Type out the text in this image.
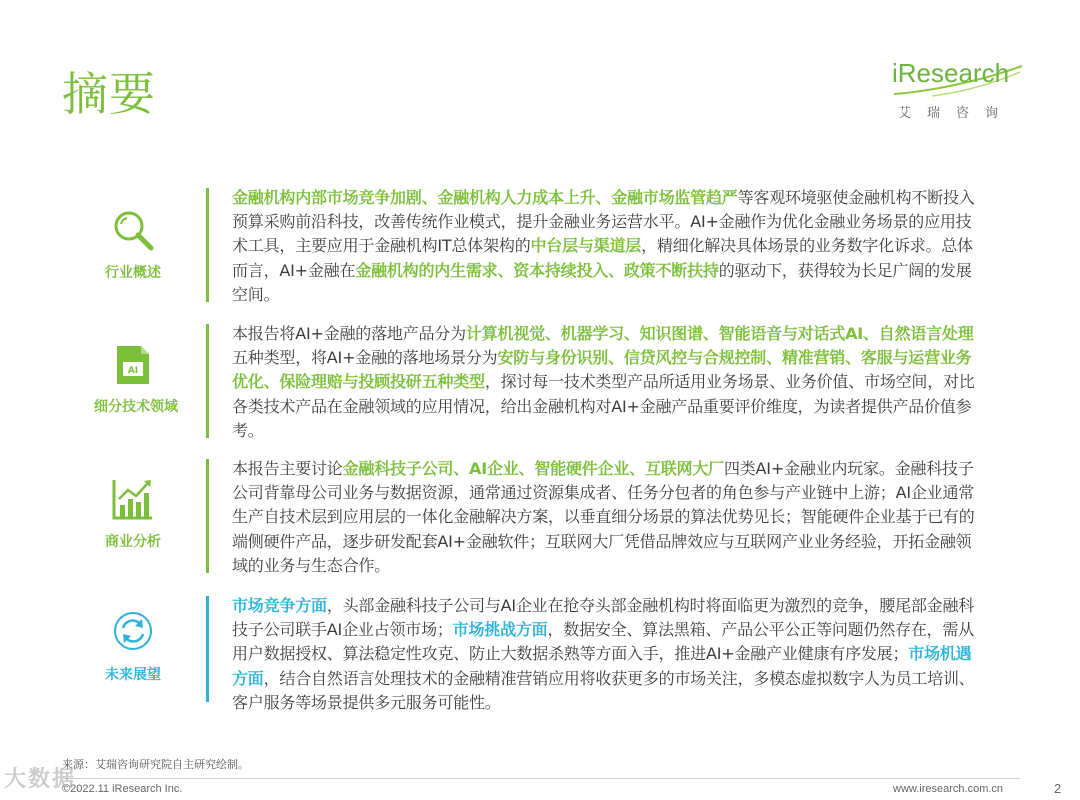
摘要	iResearch
艾瑞咨询
行业概述
金融机构内部市场竞争加剧、金融机构人力成本上升、金融市场监管趋严等客观环境驱使金融机构不断投入预算采购前沿科技，改善传统作业模式，提升金融业务运营水平。AI+金融作为优化金融业务场景的应用技术工具，主要应用于金融机构IT总体架构的中台层与渠道层，精细化解决具体场景的业务数字化诉求。总体而言，AI+金融在金融机构的内生需求、资本持续投入、政策不断扶持的驱动下，获得较为长足广阔的发展空间。
AI
细分技术领域
本报告将AI+金融的落地产品分为计算机视觉、机器学习、知识图谱、智能语音与对话式AI、自然语言处理五种类型，将AI+金融的落地场景分为安防与身份识别、信贷风控与合规控制、精准营销、客服与运营业务优化、保险理赔与投顾投研五种类型，探讨每一技术类型产品所适用业务场景、业务价值、市场空间，对比各类技术产品在金融领域的应用情况，给出金融机构对AI+金融产品重要评价维度，为读者提供产品价值参考。
商业分析
本报告主要讨论金融科技子公司、AI企业、智能硬件企业、互联网大厂四类AI+金融业内玩家。金融科技子公司背靠母公司业务与数据资源，通常通过资源集成者、任务分包者的角色参与产业链中上游；AI企业通常生产自技术层到应用层的一体化金融解决方案，以垂直细分场景的算法优势见长；智能硬件企业基于已有的端侧硬件产品，逐步研发配套AI+金融软件；互联网大厂凭借品牌效应与互联网产业业务经验，开拓金融领域的业务与生态合作。
未来展望
市场竞争方面，头部金融科技子公司与AI企业在抢夺头部金融机构时将面临更为激烈的竞争，腰尾部金融科技子公司联手AI企业占领市场；市场挑战方面，数据安全、算法黑箱、产品公平公正等问题仍然存在，需从用户数据授权、算法稳定性攻克、防止大数据杀熟等方面入手，推进AI+金融产业健康有序发展；市场机遇方面，结合自然语言处理技术的金融精准营销应用将收获更多的市场关注，多模态虚拟数字人为员工培训、客户服务等场景提供多元服务可能性。
来源：艾瑞咨询研究院自主研究绘制。
©2022.11 iResearch Inc.	www.iresearch.com.cn	2
大数据
